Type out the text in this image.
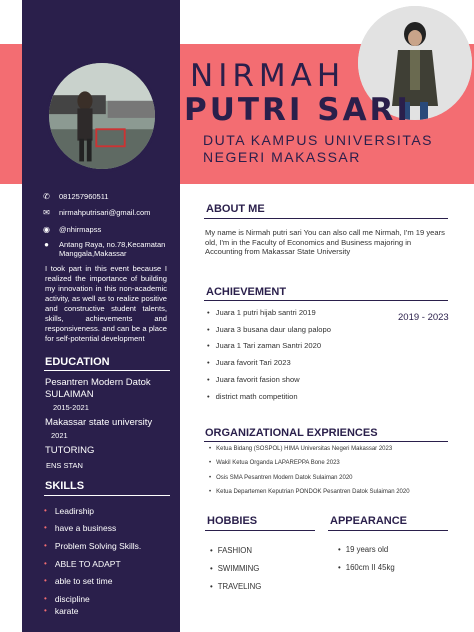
NIRMAH
PUTRI SARI
DUTA KAMPUS UNIVERSITAS NEGERI MAKASSAR
✆ 081257960511
✉ nirmahputrisari@gmail.com
◉ @nhirmapss
● Antang Raya, no.78,Kecamatan Manggala,Makassar
I took part in this event because I realized the importance of building my innovation in this non-academic activity, as well as to realize positive and constructive student talents, skills, achievements and responsiveness. and can be a place for self-potential development
EDUCATION
Pesantren Modern Datok SULAIMAN
2015-2021
Makassar state university
2021
TUTORING
ENS STAN
SKILLS
• Leadirship
• have a business
• Problem Solving Skills.
• ABLE TO ADAPT
• able to set time
• discipline
• karate
ABOUT ME
My name is Nirmah putri sari You can also call me Nirmah, I'm 19 years old, I'm in the Faculty of Economics and Business majoring in Accounting from Makassar State University
ACHIEVEMENT
2019 - 2023
• Juara 1 putri hijab santri 2019
• Juara 3 busana daur ulang palopo
• Juara 1 Tari zaman Santri 2020
• Juara favorit Tari 2023
• Juara favorit fasion show
• district math competition
ORGANIZATIONAL EXPRIENCES
• Ketua Bidang (SOSPOL) HIMA Universitas Negeri Makassar 2023
• Wakil Ketua Organda LAPAREPPA Bone 2023
• Osis SMA Pesantren Modern Datok Sulaiman 2020
• Ketua Departemen Keputrian PONDOK Pesantren Datok Sulaiman 2020
HOBBIES
• FASHION
• SWIMMING
• TRAVELING
APPEARANCE
• 19 years old
• 160cm II 45kg
